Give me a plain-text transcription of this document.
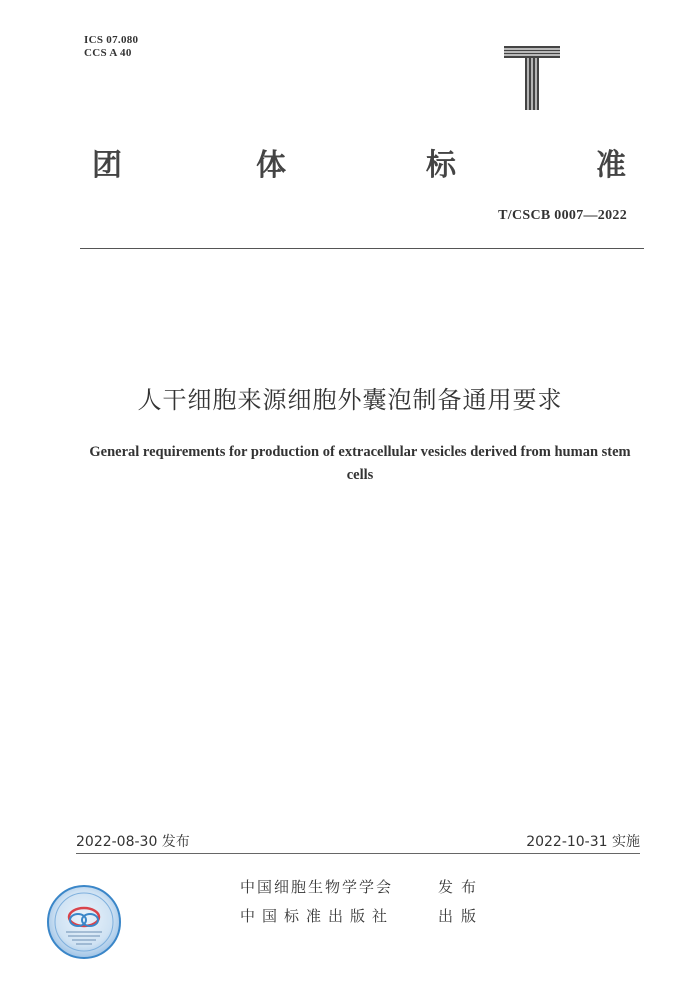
ICS 07.080
CCS A 40
团	体	标	准
T/CSCB 0007—2022
人干细胞来源细胞外囊泡制备通用要求
General requirements for production of extracellular vesicles derived from human stem cells
2022-08-30 发布	2022-10-31 实施
中国细胞生物学学会	发布
中国标准出版社	出版
